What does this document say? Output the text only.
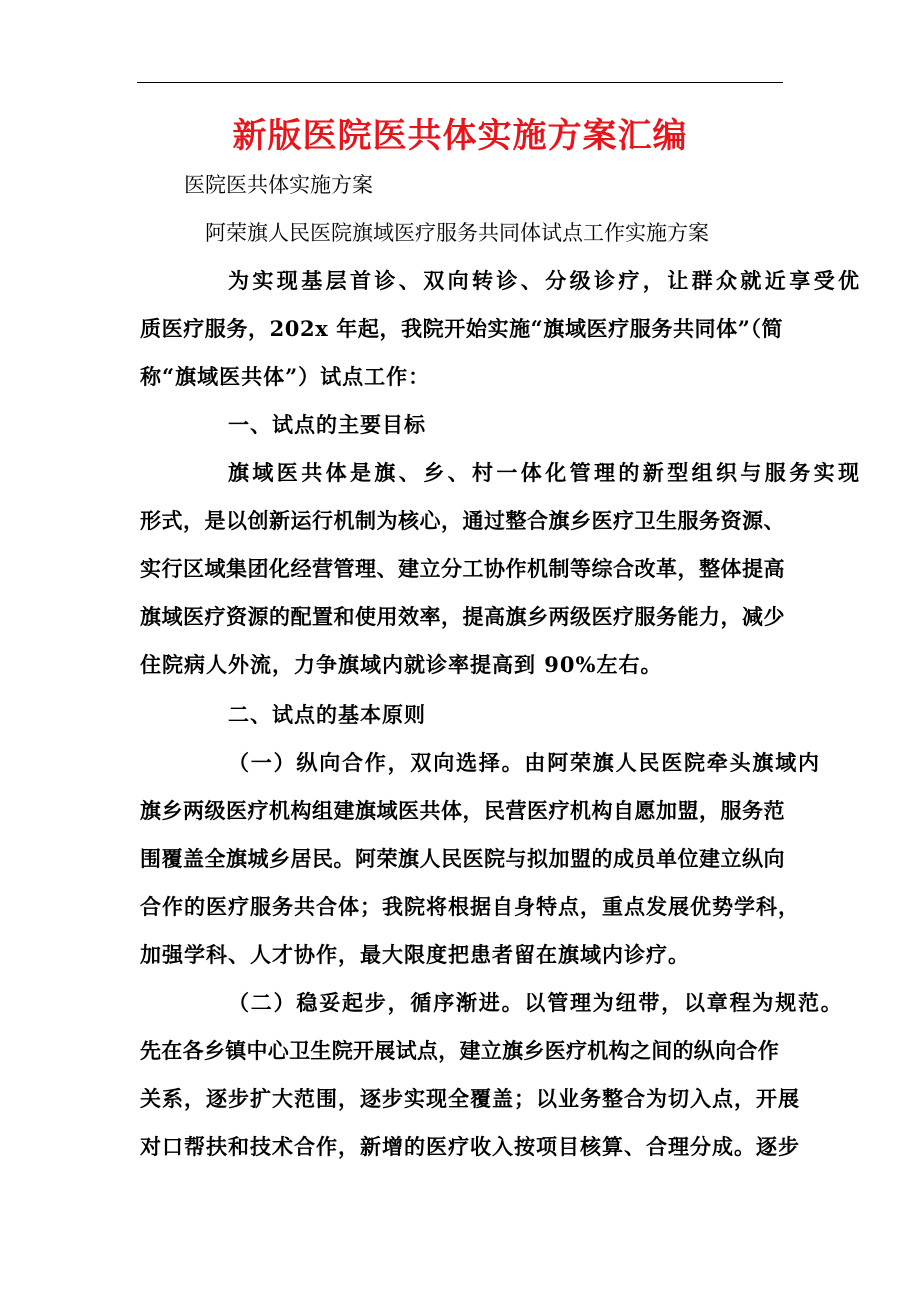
新版医院医共体实施方案汇编
医院医共体实施方案
阿荣旗人民医院旗域医疗服务共同体试点工作实施方案
为实现基层首诊、双向转诊、分级诊疗，让群众就近享受优
质医疗服务，202x 年起，我院开始实施“旗域医疗服务共同体”（简
称“旗域医共体”）试点工作：
一、试点的主要目标
旗域医共体是旗、乡、村一体化管理的新型组织与服务实现
形式，是以创新运行机制为核心，通过整合旗乡医疗卫生服务资源、
实行区域集团化经营管理、建立分工协作机制等综合改革，整体提高
旗域医疗资源的配置和使用效率，提高旗乡两级医疗服务能力，减少
住院病人外流，力争旗域内就诊率提高到 90%左右。
二、试点的基本原则
（一）纵向合作，双向选择。由阿荣旗人民医院牵头旗域内
旗乡两级医疗机构组建旗域医共体，民营医疗机构自愿加盟，服务范
围覆盖全旗城乡居民。阿荣旗人民医院与拟加盟的成员单位建立纵向
合作的医疗服务共合体；我院将根据自身特点，重点发展优势学科，
加强学科、人才协作，最大限度把患者留在旗域内诊疗。
（二）稳妥起步，循序渐进。以管理为纽带，以章程为规范。
先在各乡镇中心卫生院开展试点，建立旗乡医疗机构之间的纵向合作
关系，逐步扩大范围，逐步实现全覆盖；以业务整合为切入点，开展
对口帮扶和技术合作，新增的医疗收入按项目核算、合理分成。逐步
